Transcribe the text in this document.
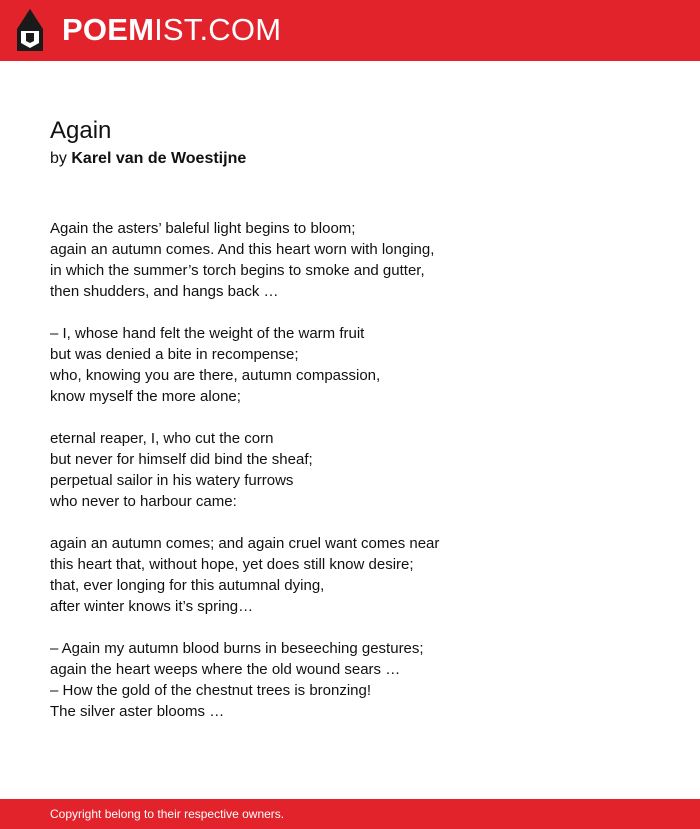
POEMIST.COM
Again
by Karel van de Woestijne
Again the asters’ baleful light begins to bloom;
again an autumn comes. And this heart worn with longing,
in which the summer’s torch begins to smoke and gutter,
then shudders, and hangs back …
– I, whose hand felt the weight of the warm fruit
but was denied a bite in recompense;
who, knowing you are there, autumn compassion,
know myself the more alone;
eternal reaper, I, who cut the corn
but never for himself did bind the sheaf;
perpetual sailor in his watery furrows
who never to harbour came:
again an autumn comes; and again cruel want comes near
this heart that, without hope, yet does still know desire;
that, ever longing for this autumnal dying,
after winter knows it’s spring…
– Again my autumn blood burns in beseeching gestures;
again the heart weeps where the old wound sears …
– How the gold of the chestnut trees is bronzing!
The silver aster blooms …
Copyright belong to their respective owners.
